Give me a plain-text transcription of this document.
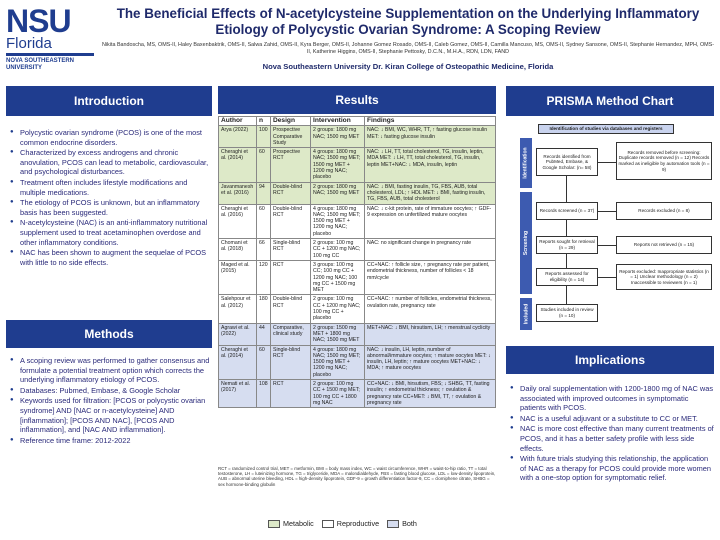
NSU
Florida
NOVA SOUTHEASTERN
UNIVERSITY
The Beneficial Effects of N-acetylcysteine Supplementation on the Underlying Inflammatory Etiology of Polycystic Ovarian Syndrome: A Scoping Review
Nikita Bandoscha, MS, OMS-II, Haley Baxenbaktrik, OMS-II, Salwa Zahid, OMS-II, Kyra Berger, OMS-II, Johanne Gomez Rosado, OMS-II, Caleb Gomez, OMS-II, Camilla Mancuso, MS, OMS-II, Sydney Sansone, OMS-II, Stephanie Hernandez, MPH, OMS-II, Katherine Higgins, OMS-II, Stephanie Pettosky, D.C.N., M.H.A., RDN, LDN, FAND
Nova Southeastern University Dr. Kiran College of Osteopathic Medicine, Florida
Introduction	Results	PRISMA Method Chart
Methods
Implications
● Polycystic ovarian syndrome (PCOS) is one of the most common endocrine disorders.
● Characterized by excess androgens and chronic anovulation, PCOS can lead to metabolic, cardiovascular, and psychological disturbances.
● Treatment often includes lifestyle modifications and multiple medications.
● The etiology of PCOS is unknown, but an inflammatory basis has been suggested.
● N-acetylcysteine (NAC) is an anti-inflammatory nutritional supplement used to treat acetaminophen overdose and other inflammatory conditions.
● NAC has been shown to augment the sequelae of PCOS with little to no side effects.
● A scoping review was performed to gather consensus and formulate a potential treatment option which corrects the underlying inflammatory etiology of PCOS.
● Databases: Pubmed, Embase, & Google Scholar
● Keywords used for filtration: [PCOS or polycystic ovarian syndrome] AND [NAC or n-acetylcysteine] AND [inflammation]; [PCOS AND NAC], [PCOS AND inflammation], and [NAC AND inflammation].
● Reference time frame: 2012-2022
● Daily oral supplementation with 1200-1800 mg of NAC was associated with improved outcomes in symptomatic patients with PCOS.
● NAC is a useful adjuvant or a substitute to CC or MET.
● NAC is more cost effective than many current treatments of PCOS, and it has a better safety profile with less side effects.
● With future trials studying this relationship, the application of NAC as a therapy for PCOS could provide more women with a one-stop option for symptomatic relief.
Author	n	Design	Intervention	Findings
Arya (2022)	100	Prospective Comparative Study	2 groups: 1800 mg NAC; 1500 mg MET	NAC: ↓ BMI, WC, WHR, TT, ↑ fasting glucose insulin MET: ↓ fasting glucose insulin
Cheraghi et al. (2014)	60	Prospective RCT	4 groups: 1800 mg NAC; 1500 mg MET; 1500 mg MET + 1200 mg NAC; placebo	NAC: ↓ LH, TT, total cholesterol, TG, insulin, leptin, MDA MET: ↓ LH, TT, total cholesterol, TG, insulin, leptin MET+NAC: ↓ MDA, insulin, leptin
Javanmanesh et al. (2016)	94	Double-blind RCT	2 groups: 1800 mg NAC; 1500 mg MET	NAC: ↓ BMI, fasting insulin, TG, FBS, AUB, total cholesterol, LDL; ↑ HDL MET: ↓ BMI, fasting insulin, TG, FBS, AUB, total cholesterol
Cheraghi et al. (2016)	60	Double-blind RCT	4 groups: 1800 mg NAC; 1500 mg MET; 1500 mg MET + 1200 mg NAC; placebo	NAC: ↓ c-kit protein, rate of immature oocytes; ↑ GDF-9 expression on unfertilized mature oocytes
Chomani et al. (2018)	66	Single-blind RCT	2 groups: 100 mg CC + 1200 mg NAC; 100 mg CC	NAC: no significant change in pregnancy rate
Maged et al. (2015)	120	RCT	3 groups: 100 mg CC; 100 mg CC + 1200 mg NAC; 100 mg CC + 1500 mg MET	CC+NAC: ↑ follicle size, ↑ pregnancy rate per patient, endometrial thickness, number of follicles < 18 mm/cycle
Salehpour et al. (2012)	180	Double-blind RCT	2 groups: 100 mg CC + 1200 mg NAC; 100 mg CC + placebo	CC+NAC: ↑ number of follicles, endometrial thickness, ovulation rate, pregnancy rate
Agrawi et al. (2022)	44	Comparative, clinical study	2 groups: 1500 mg MET + 1800 mg NAC; 1500 mg MET	MET+NAC: ↓ BMI, hirsutism, LH; ↑ menstrual cyclicity
Cheraghi et al. (2014)	60	Single-blind RCT	4 groups: 1800 mg NAC; 1500 mg MET; 1500 mg MET + 1200 mg NAC; placebo	NAC: ↓ insulin, LH, leptin, number of abnormal/immature oocytes; ↑ mature oocytes MET: ↓ insulin, LH, leptin; ↑ mature oocytes MET+NAC: ↓ MDA; ↑ mature oocytes
Nemati et al. (2017)	108	RCT	2 groups: 100 mg CC + 1500 mg MET; 100 mg CC + 1800 mg NAC	CC+NAC: ↓ BMI, hirsutism, FBS; ↓ SHBG, TT, fasting insulin; ↑ endometrial thickness; ↑ ovulation & pregnancy rate CC+MET: ↓ BMI, TT, ↑ ovulation & pregnancy rate
RCT = randomized control trial, MET = metformin, BMI = body mass index, WC = waist circumference, WHR = waist-to-hip ratio, TT = total testosterone, LH = luteinizing hormone, TG = triglyceride, MDA = malondialdehyde, FBS = fasting blood glucose, LDL = low-density lipoprotein, AUB = abnormal uterine bleeding, HDL = high-density lipoprotein, GDF-9 = growth differentiation factor-9, CC = clomiphene citrate, SHBG = sex hormone-binding globulin
Metabolic	Reproductive	Both
Identification of studies via databases and registers
Identification
Screening
Included
Records identified from PubMed, Embase, & Google Scholar: (n= 58)
Records removed before screening: Duplicate records removed (n = 12) Records marked as ineligible by automation tools (n = 9)
Records screened (n = 37)	Records excluded (n = 8)
Reports sought for retrieval (n = 29)
Reports not retrieved (n = 15)
Reports assessed for eligibility (n = 14)
Reports excluded: Inappropriate statistics (n = 1) Unclear methodology (n = 2) Inaccessible to reviewers (n = 1)
Studies included in review (n = 10)
